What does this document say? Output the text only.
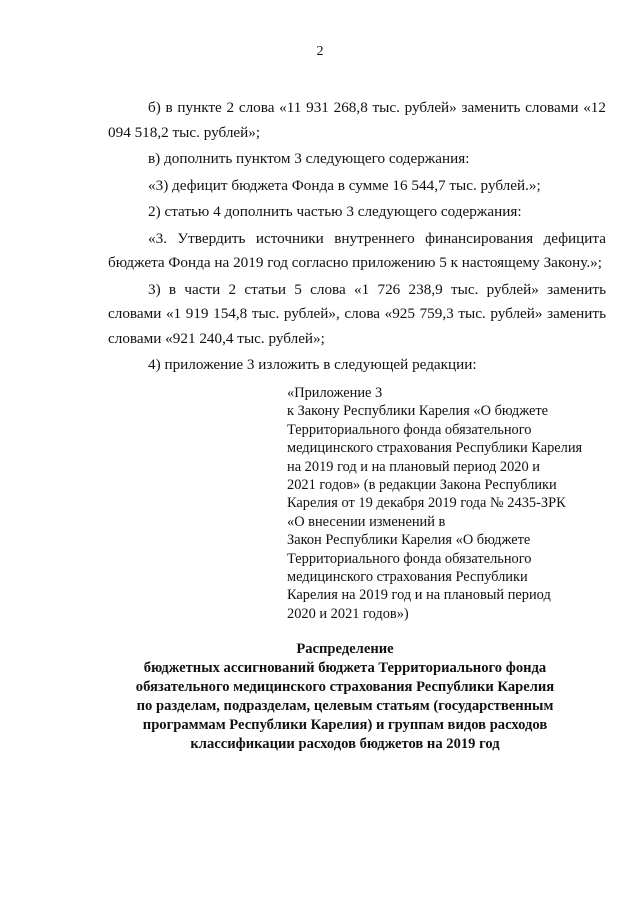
2

б) в пункте 2 слова «11 931 268,8 тыс. рублей» заменить словами «12 094 518,2 тыс. рублей»;

в) дополнить пунктом 3 следующего содержания:

«3) дефицит бюджета Фонда в сумме 16 544,7 тыс. рублей.»;

2) статью 4 дополнить частью 3 следующего содержания:

«3. Утвердить источники внутреннего финансирования дефицита бюджета Фонда на 2019 год согласно приложению 5 к настоящему Закону.»;

3) в части 2 статьи 5 слова «1 726 238,9 тыс. рублей» заменить словами «1 919 154,8 тыс. рублей», слова «925 759,3 тыс. рублей» заменить словами «921 240,4 тыс. рублей»;

4) приложение 3 изложить в следующей редакции:

«Приложение 3
к Закону Республики Карелия «О бюджете
Территориального фонда обязательного
медицинского страхования Республики Карелия
на 2019 год и на плановый период 2020 и
2021 годов» (в редакции Закона Республики
Карелия от 19 декабря 2019 года № 2435-ЗРК
«О внесении изменений в
Закон Республики Карелия «О бюджете
Территориального фонда обязательного
медицинского страхования Республики
Карелия на 2019 год и на плановый период
2020 и 2021 годов»)
Распределение
бюджетных ассигнований бюджета Территориального фонда
обязательного медицинского страхования Республики Карелия
по разделам, подразделам, целевым статьям (государственным
программам Республики Карелия) и группам видов расходов
классификации расходов бюджетов на 2019 год
